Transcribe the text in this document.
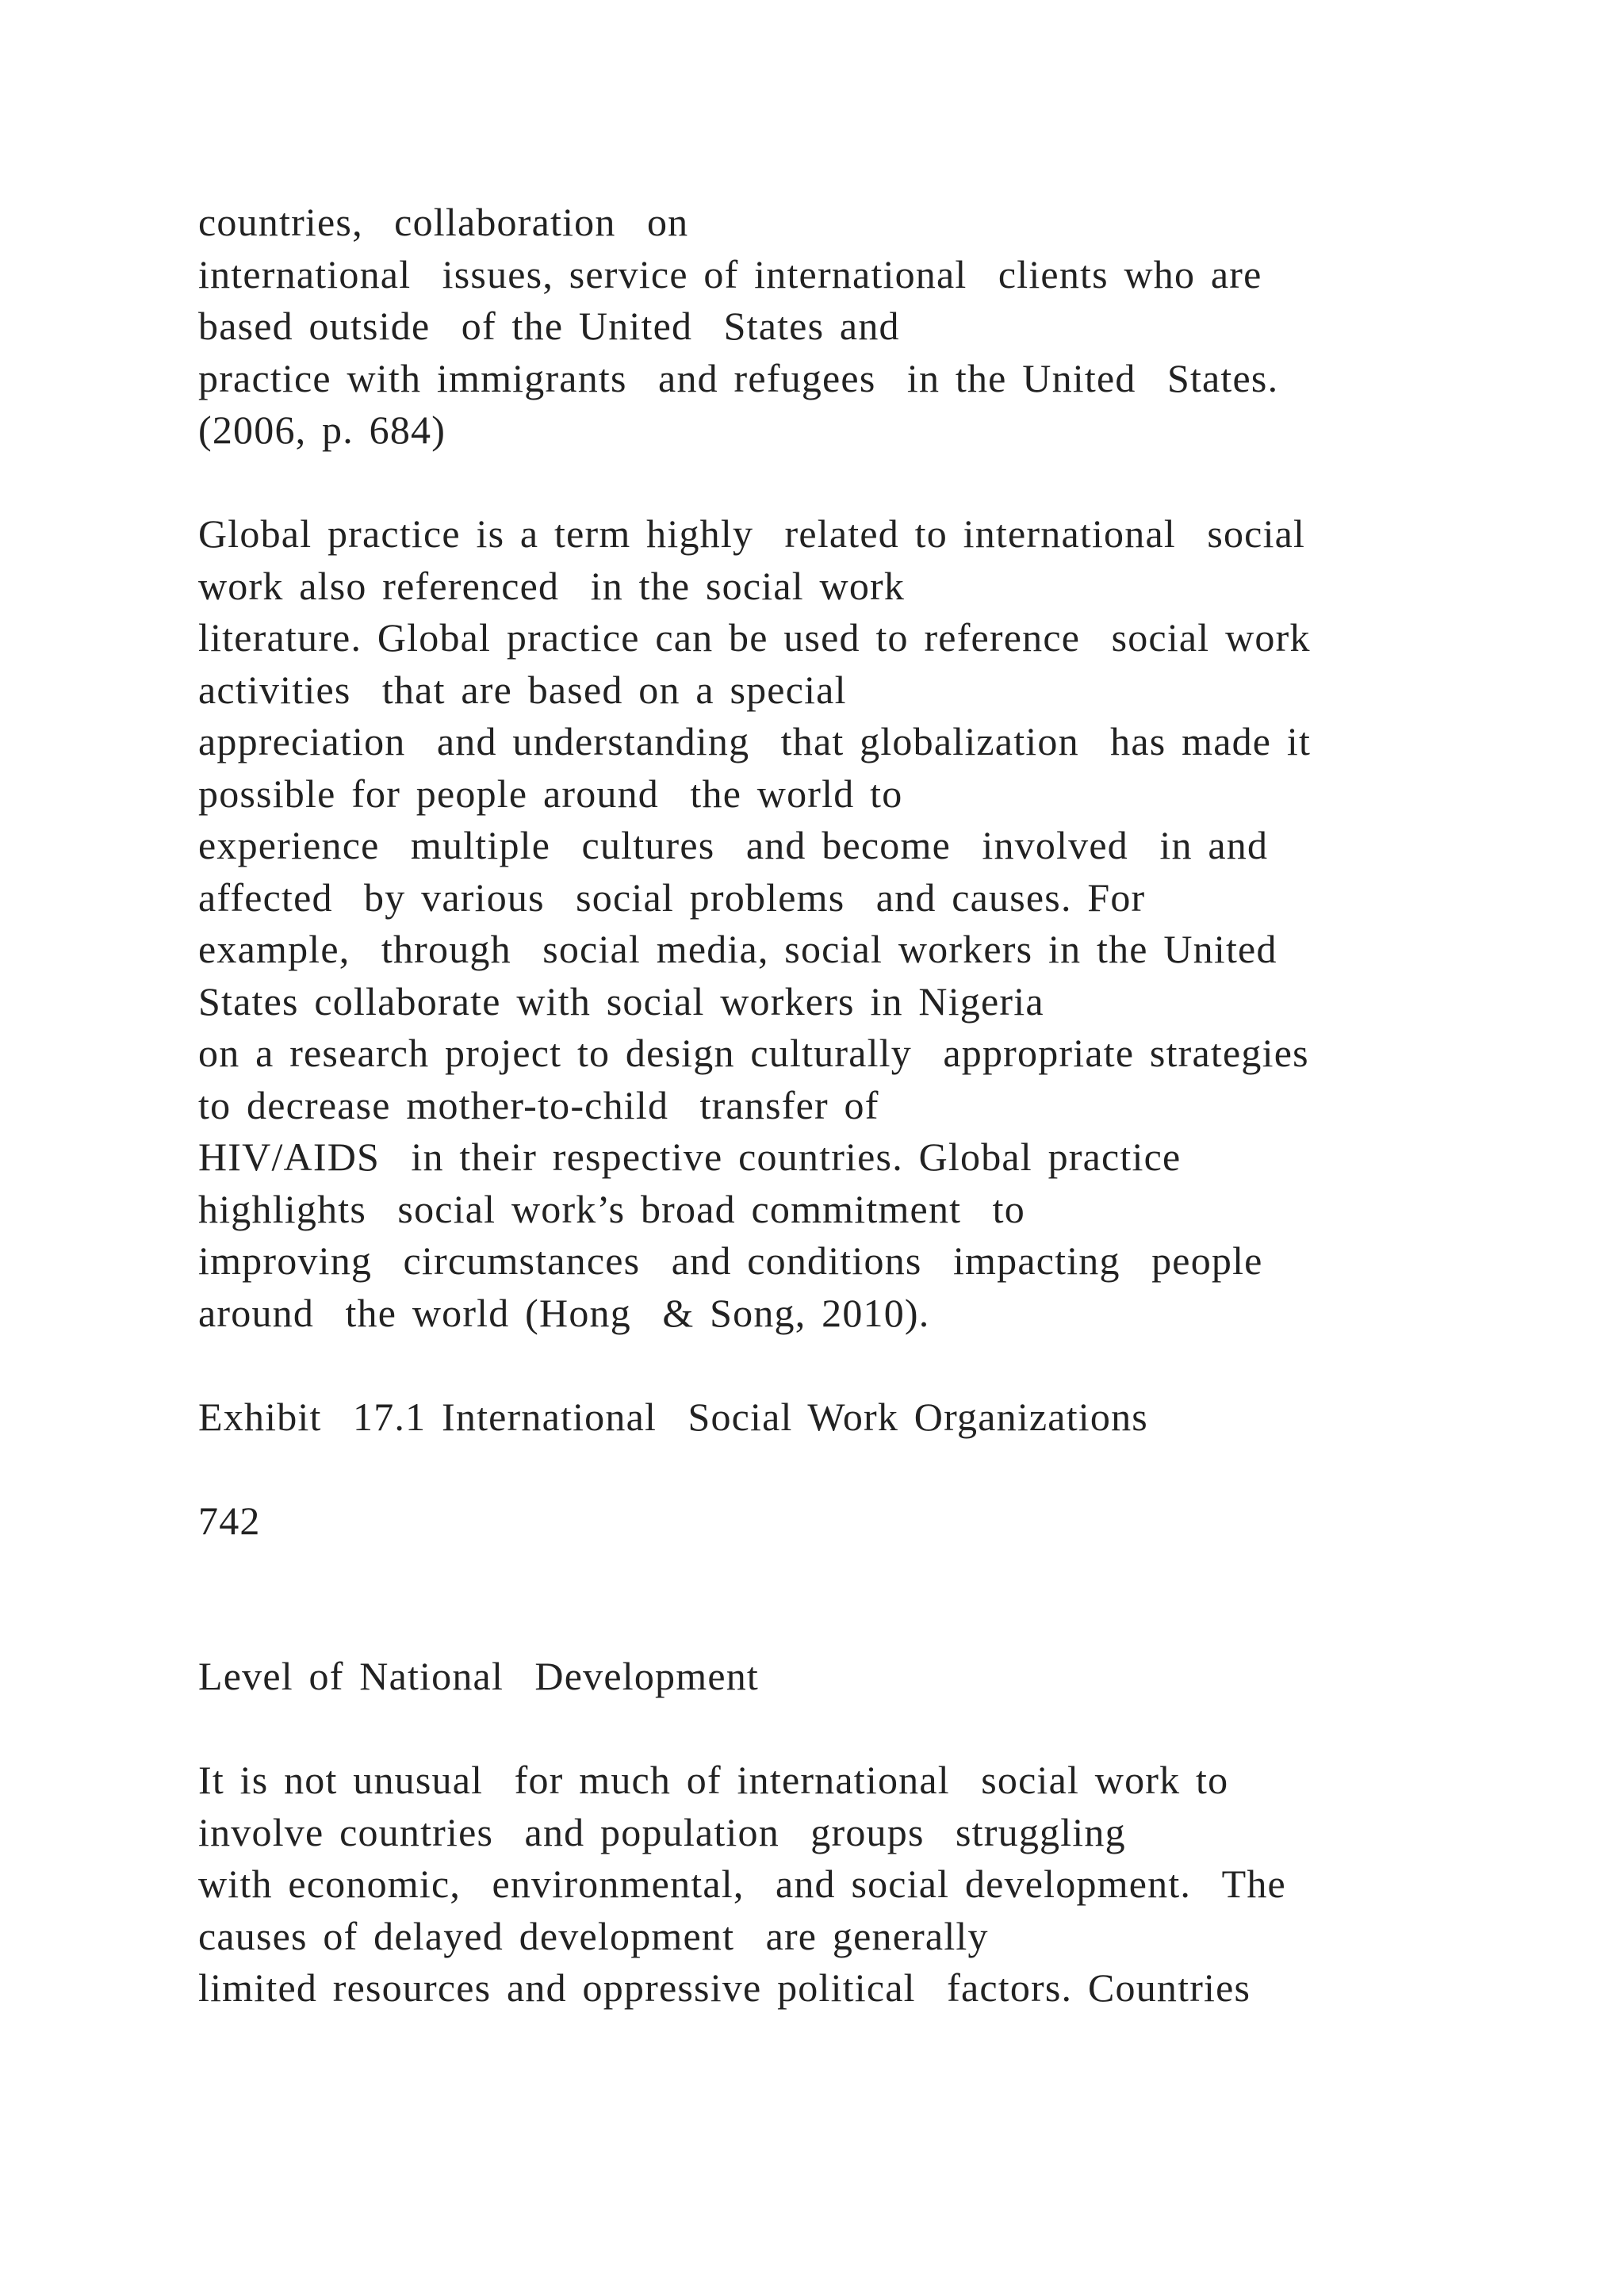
countries,  collaboration  on
international  issues, service of international  clients who are
based outside  of the United  States and
practice with immigrants  and refugees  in the United  States.
(2006, p. 684)
Global practice is a term highly  related to international  social
work also referenced  in the social work
literature. Global practice can be used to reference  social work
activities  that are based on a special
appreciation  and understanding  that globalization  has made it
possible for people around  the world to
experience  multiple  cultures  and become  involved  in and
affected  by various  social problems  and causes. For
example,  through  social media, social workers in the United
States collaborate with social workers in Nigeria
on a research project to design culturally  appropriate strategies
to decrease mother-to-child  transfer of
HIV/AIDS  in their respective countries. Global practice
highlights  social work’s broad commitment  to
improving  circumstances  and conditions  impacting  people
around  the world (Hong  & Song, 2010).
Exhibit  17.1 International  Social Work Organizations
742
Level of National  Development
It is not unusual  for much of international  social work to
involve countries  and population  groups  struggling
with economic,  environmental,  and social development.  The
causes of delayed development  are generally
limited resources and oppressive political  factors. Countries
